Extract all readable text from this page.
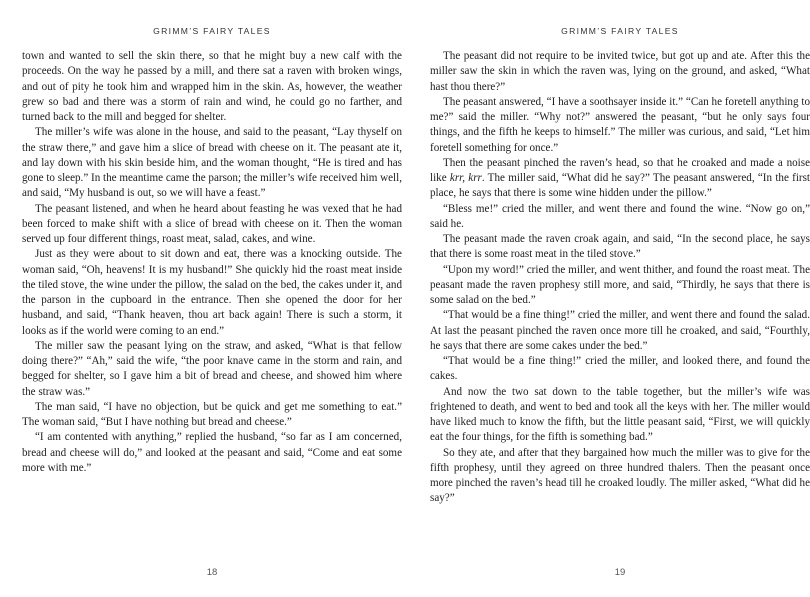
GRIMM’S FAIRY TALES

town and wanted to sell the skin there, so that he might buy a new calf with the proceeds. On the way he passed by a mill, and there sat a raven with broken wings, and out of pity he took him and wrapped him in the skin. As, however, the weather grew so bad and there was a storm of rain and wind, he could go no farther, and turned back to the mill and begged for shelter.

The miller’s wife was alone in the house, and said to the peasant, “Lay thyself on the straw there,” and gave him a slice of bread with cheese on it. The peasant ate it, and lay down with his skin beside him, and the woman thought, “He is tired and has gone to sleep.” In the meantime came the parson; the miller’s wife received him well, and said, “My husband is out, so we will have a feast.”

The peasant listened, and when he heard about feasting he was vexed that he had been forced to make shift with a slice of bread with cheese on it. Then the woman served up four different things, roast meat, salad, cakes, and wine.

Just as they were about to sit down and eat, there was a knocking outside. The woman said, “Oh, heavens! It is my husband!” She quickly hid the roast meat inside the tiled stove, the wine under the pillow, the salad on the bed, the cakes under it, and the parson in the cupboard in the entrance. Then she opened the door for her husband, and said, “Thank heaven, thou art back again! There is such a storm, it looks as if the world were coming to an end.”

The miller saw the peasant lying on the straw, and asked, “What is that fellow doing there?” “Ah,” said the wife, “the poor knave came in the storm and rain, and begged for shelter, so I gave him a bit of bread and cheese, and showed him where the straw was.”

The man said, “I have no objection, but be quick and get me something to eat.” The woman said, “But I have nothing but bread and cheese.”

“I am contented with anything,” replied the husband, “so far as I am concerned, bread and cheese will do,” and looked at the peasant and said, “Come and eat some more with me.”

18
GRIMM’S FAIRY TALES

The peasant did not require to be invited twice, but got up and ate. After this the miller saw the skin in which the raven was, lying on the ground, and asked, “What hast thou there?”

The peasant answered, “I have a soothsayer inside it.” “Can he foretell anything to me?” said the miller. “Why not?” answered the peasant, “but he only says four things, and the fifth he keeps to himself.” The miller was curious, and said, “Let him foretell something for once.”

Then the peasant pinched the raven’s head, so that he croaked and made a noise like krr, krr. The miller said, “What did he say?” The peasant answered, “In the first place, he says that there is some wine hidden under the pillow.”

“Bless me!” cried the miller, and went there and found the wine. “Now go on,” said he.

The peasant made the raven croak again, and said, “In the second place, he says that there is some roast meat in the tiled stove.”

“Upon my word!” cried the miller, and went thither, and found the roast meat. The peasant made the raven prophesy still more, and said, “Thirdly, he says that there is some salad on the bed.”

“That would be a fine thing!” cried the miller, and went there and found the salad. At last the peasant pinched the raven once more till he croaked, and said, “Fourthly, he says that there are some cakes under the bed.”

“That would be a fine thing!” cried the miller, and looked there, and found the cakes.

And now the two sat down to the table together, but the miller’s wife was frightened to death, and went to bed and took all the keys with her. The miller would have liked much to know the fifth, but the little peasant said, “First, we will quickly eat the four things, for the fifth is something bad.”

So they ate, and after that they bargained how much the miller was to give for the fifth prophesy, until they agreed on three hundred thalers. Then the peasant once more pinched the raven’s head till he croaked loudly. The miller asked, “What did he say?”

19
